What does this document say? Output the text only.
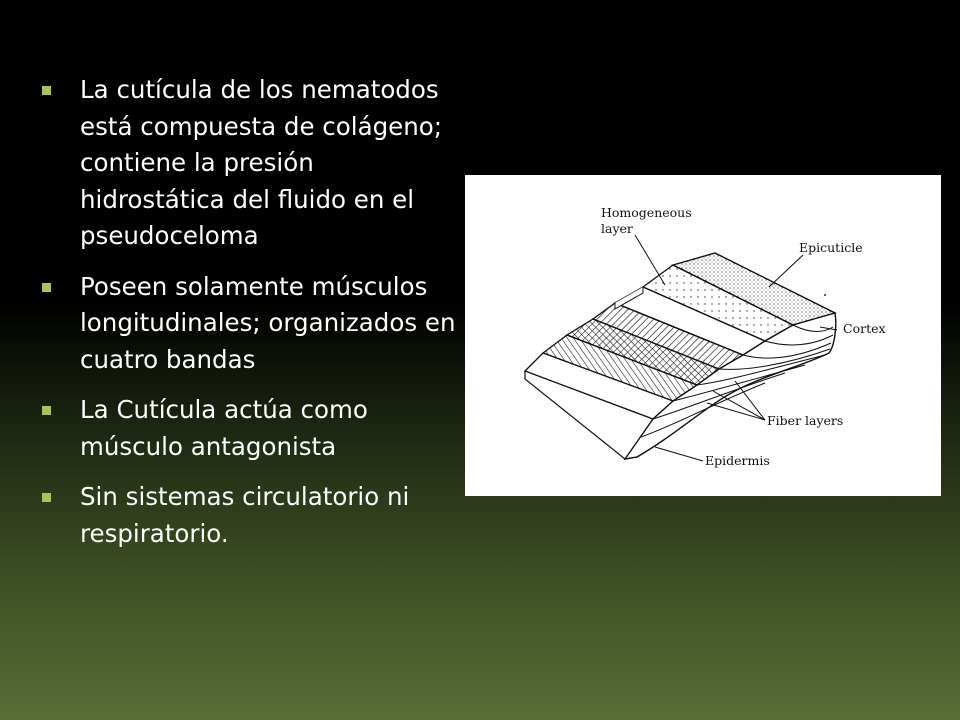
La cutícula de los nematodos está compuesta de colágeno; contiene la presión hidrostática del fluido en el pseudoceloma
Poseen solamente músculos longitudinales; organizados en cuatro bandas
La Cutícula actúa como músculo antagonista
Sin sistemas circulatorio ni respiratorio.
Homogeneous
layer
Epicuticle
Cortex
Fiber layers
Epidermis
